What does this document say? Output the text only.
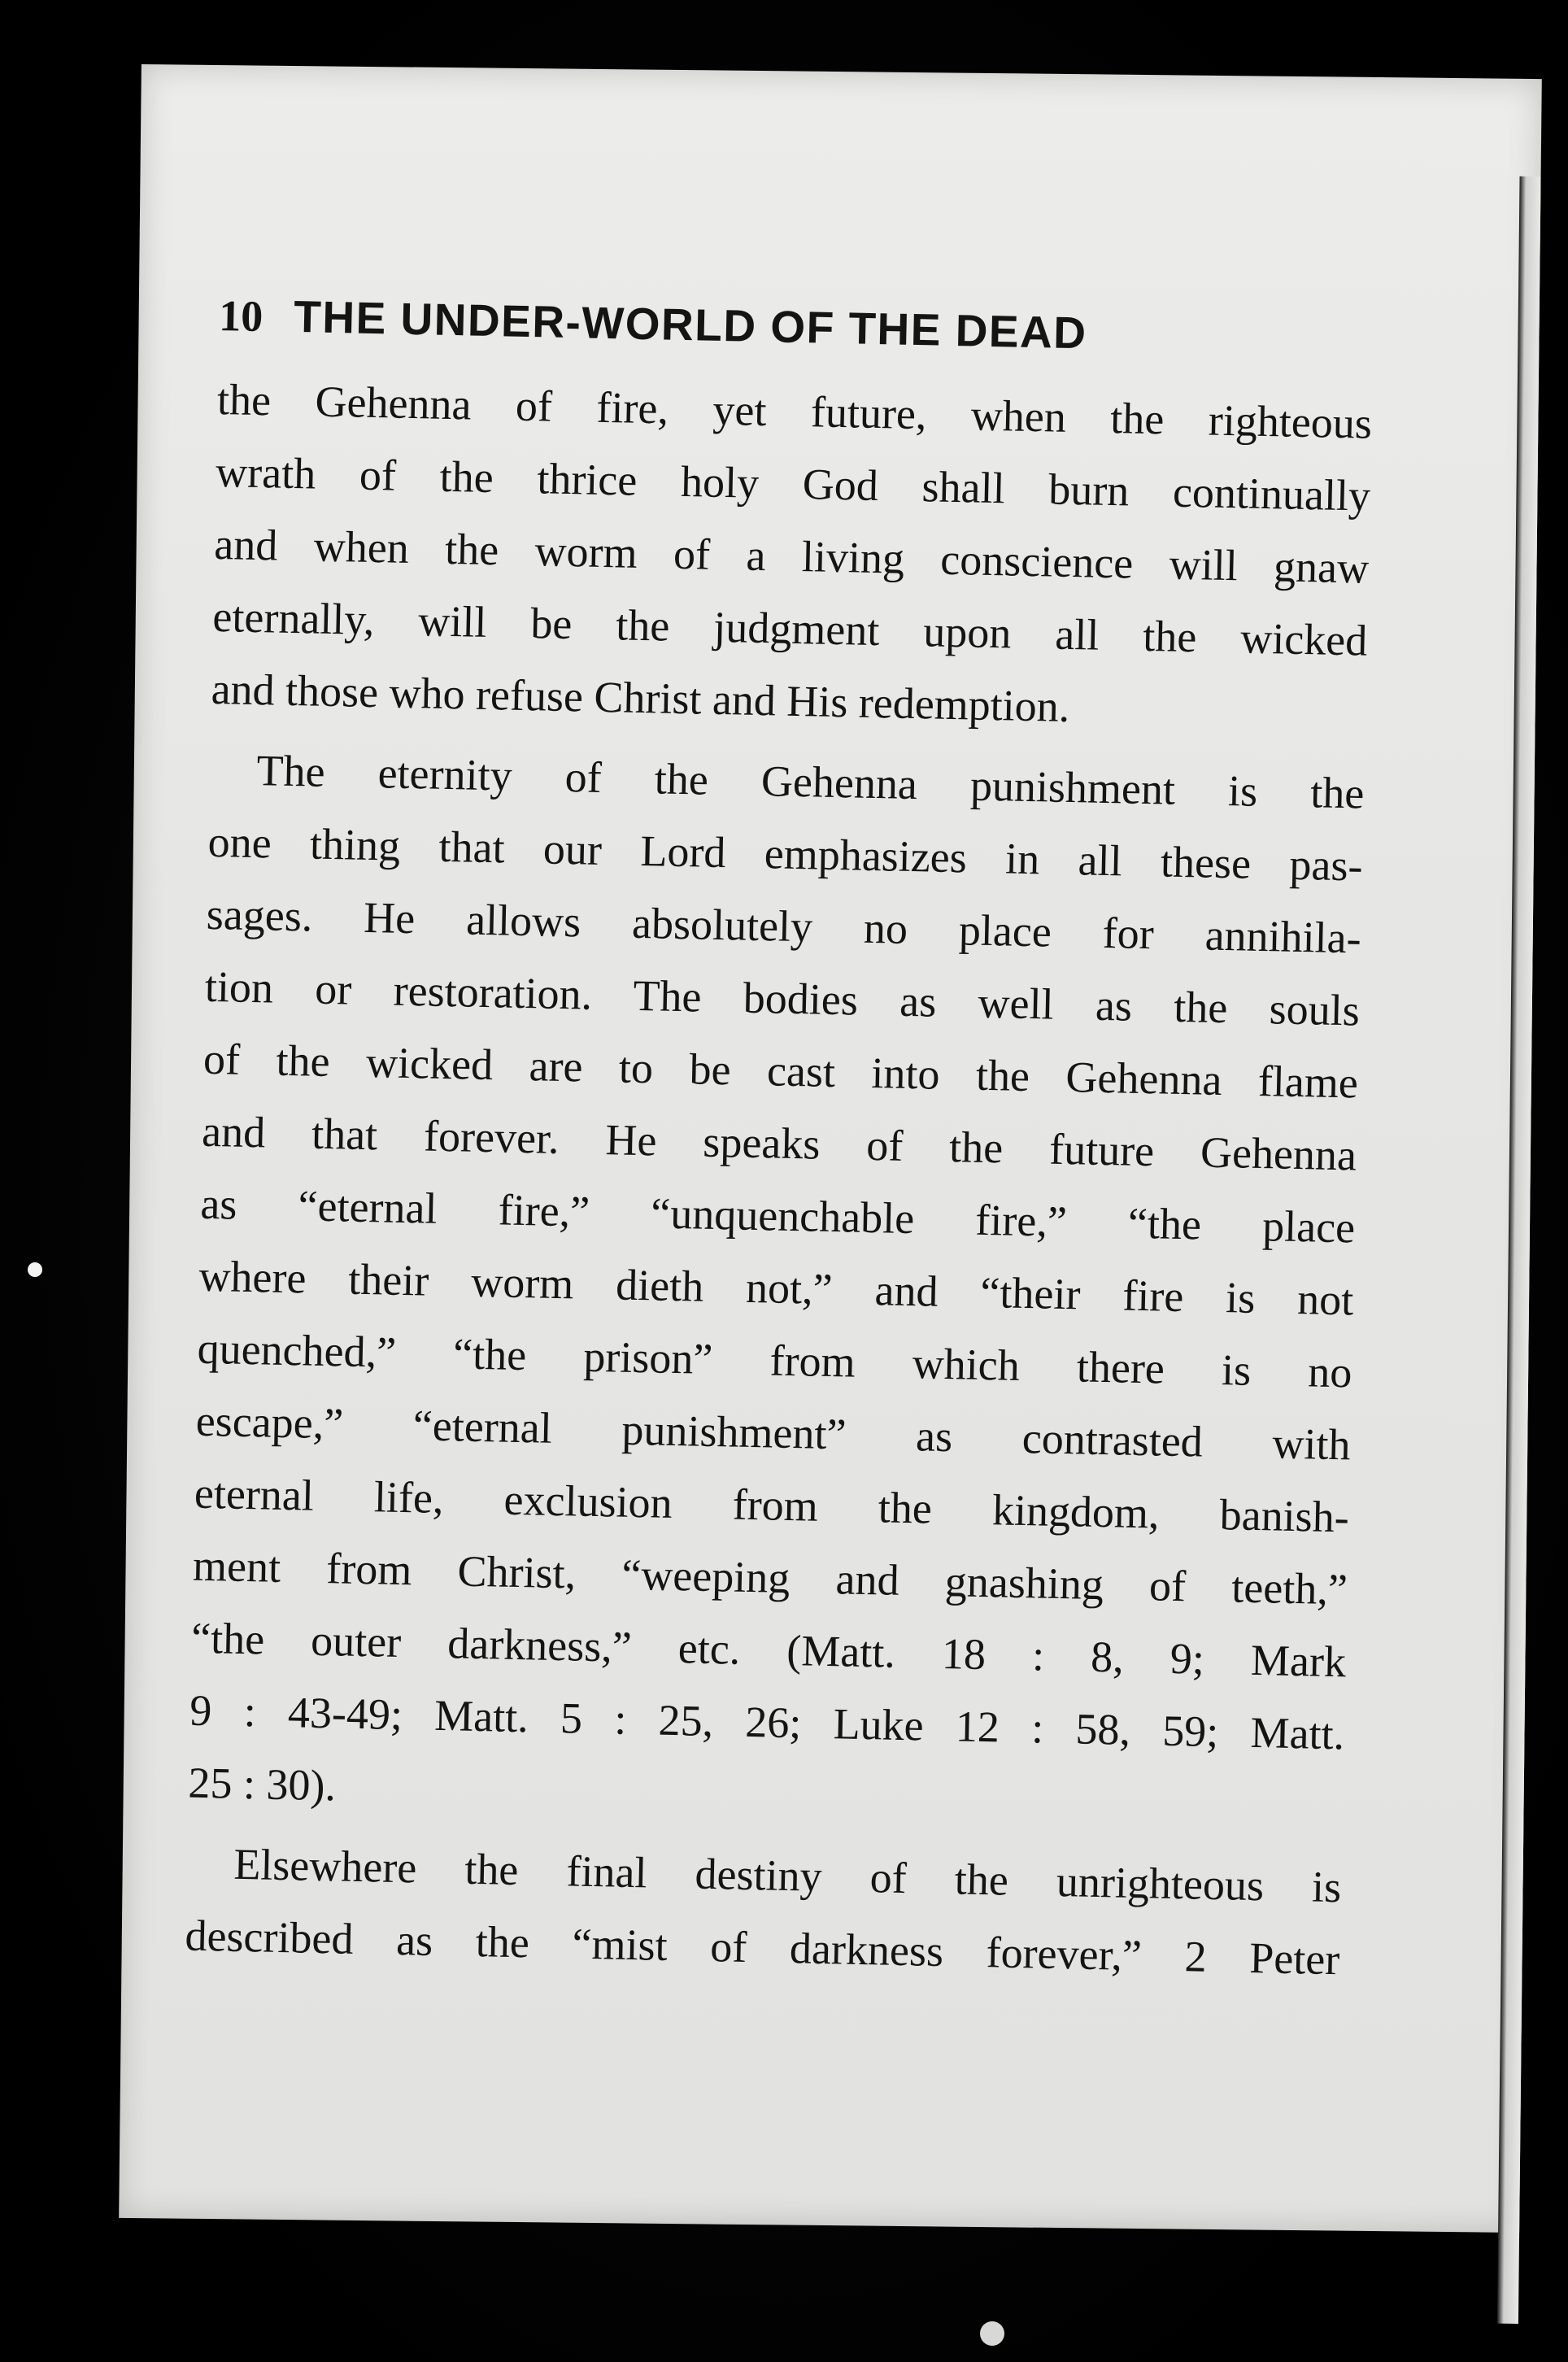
10 THE UNDER-WORLD OF THE DEAD
the Gehenna of fire, yet future, when the righteous
wrath of the thrice holy God shall burn continually
and when the worm of a living conscience will gnaw
eternally, will be the judgment upon all the wicked
and those who refuse Christ and His redemption.
The eternity of the Gehenna punishment is the
one thing that our Lord emphasizes in all these pas-
sages. He allows absolutely no place for annihila-
tion or restoration. The bodies as well as the souls
of the wicked are to be cast into the Gehenna flame
and that forever. He speaks of the future Gehenna
as “eternal fire,” “unquenchable fire,” “the place
where their worm dieth not,” and “their fire is not
quenched,” “the prison” from which there is no
escape,” “eternal punishment” as contrasted with
eternal life, exclusion from the kingdom, banish-
ment from Christ, “weeping and gnashing of teeth,”
“the outer darkness,” etc. (Matt. 18 : 8, 9; Mark
9 : 43-49; Matt. 5 : 25, 26; Luke 12 : 58, 59; Matt.
25 : 30).
Elsewhere the final destiny of the unrighteous is
described as the “mist of darkness forever,” 2 Peter
